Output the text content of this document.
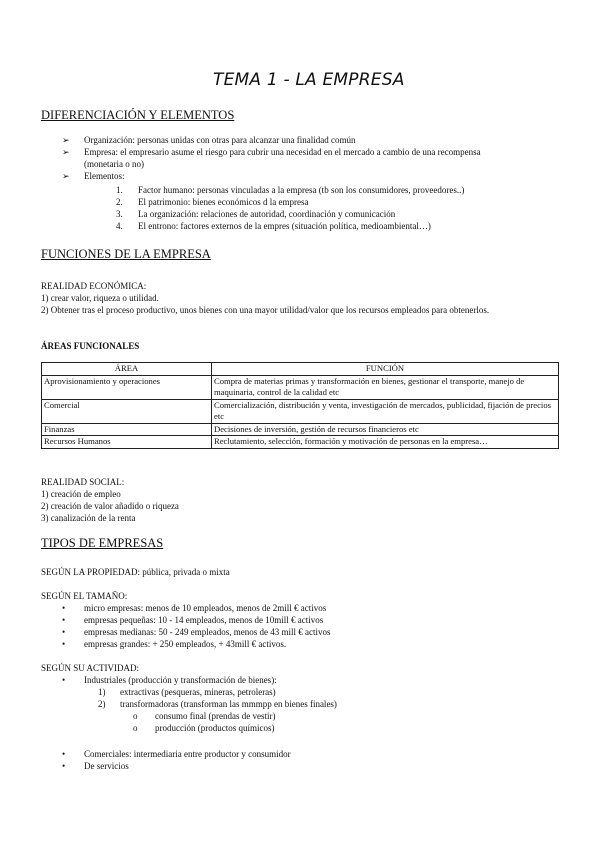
TEMA 1 - LA EMPRESA
DIFERENCIACIÓN Y ELEMENTOS
➢ Organización: personas unidas con otras para alcanzar una finalidad común
➢ Empresa: el empresario asume el riesgo para cubrir una necesidad en el mercado a cambio de una recompensa
(monetaria o no)
➢ Elementos:
1. Factor humano: personas vinculadas a la empresa (tb son los consumidores, proveedores..)
2. El patrimonio: bienes económicos d la empresa
3. La organización: relaciones de autoridad, coordinación y comunicación
4. El entrono: factores externos de la empres (situación política, medioambiental…)
FUNCIONES DE LA EMPRESA
REALIDAD ECONÓMICA:
1) crear valor, riqueza o utilidad.
2) Obtener tras el proceso productivo, unos bienes con una mayor utilidad/valor que los recursos empleados para obtenerlos.
ÁREAS FUNCIONALES
ÁREA	FUNCIÓN
Aprovisionamiento y operaciones	Compra de materias primas y transformación en bienes, gestionar el transporte, manejo de maquinaria, control de la calidad etc
Comercial	Comercialización, distribución y venta, investigación de mercados, publicidad, fijación de precios etc
Finanzas	Decisiones de inversión, gestión de recursos financieros etc
Recursos Humanos	Reclutamiento, selección, formación y motivación de personas en la empresa…
REALIDAD SOCIAL:
1) creación de empleo
2) creación de valor añadido o riqueza
3) canalización de la renta
TIPOS DE EMPRESAS
SEGÚN LA PROPIEDAD: pública, privada o mixta
SEGÚN EL TAMAÑO:
• micro empresas: menos de 10 empleados, menos de 2mill € activos
• empresas pequeñas: 10 - 14 empleados, menos de 10mill € activos
• empresas medianas: 50 - 249 empleados, menos de 43 mill € activos
• empresas grandes: + 250 empleados, + 43mill € activos.
SEGÚN SU ACTIVIDAD:
• Industriales (producción y transformación de bienes):
1) extractivas (pesqueras, mineras, petroleras)
2) transformadoras (transforman las mmmpp en bienes finales)
o consumo final (prendas de vestir)
o producción (productos químicos)
• Comerciales: intermediaria entre productor y consumidor
• De servicios
